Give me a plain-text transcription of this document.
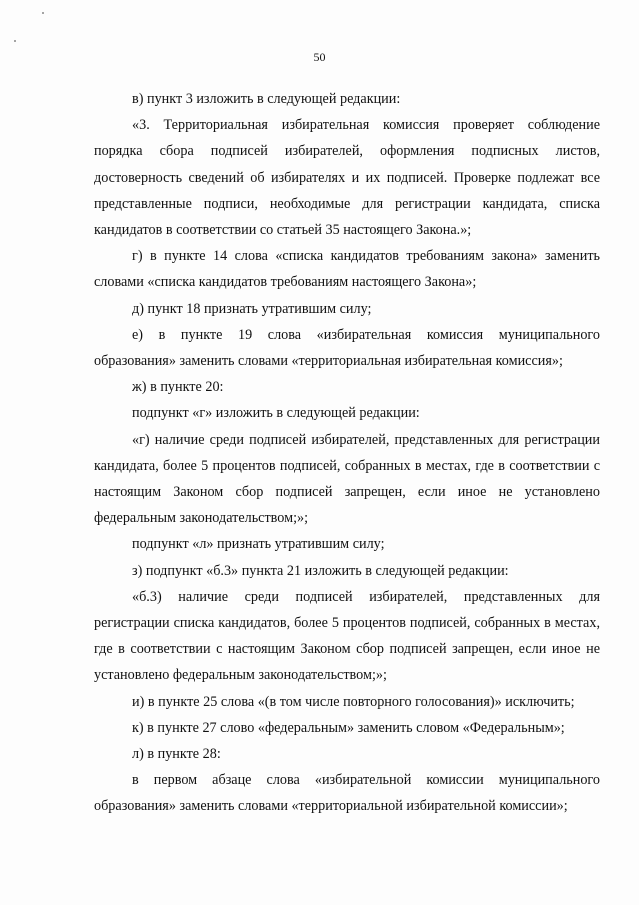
50

в) пункт 3 изложить в следующей редакции:

«3. Территориальная избирательная комиссия проверяет соблюдение порядка сбора подписей избирателей, оформления подписных листов, достоверность сведений об избирателях и их подписей. Проверке подлежат все представленные подписи, необходимые для регистрации кандидата, списка кандидатов в соответствии со статьей 35 настоящего Закона.»;

г) в пункте 14 слова «списка кандидатов требованиям закона» заменить словами «списка кандидатов требованиям настоящего Закона»;

д) пункт 18 признать утратившим силу;

е) в пункте 19 слова «избирательная комиссия муниципального образования» заменить словами «территориальная избирательная комиссия»;

ж) в пункте 20:

подпункт «г» изложить в следующей редакции:

«г) наличие среди подписей избирателей, представленных для регистрации кандидата, более 5 процентов подписей, собранных в местах, где в соответствии с настоящим Законом сбор подписей запрещен, если иное не установлено федеральным законодательством;»;

подпункт «л» признать утратившим силу;

з) подпункт «б.3» пункта 21 изложить в следующей редакции:

«б.3) наличие среди подписей избирателей, представленных для регистрации списка кандидатов, более 5 процентов подписей, собранных в местах, где в соответствии с настоящим Законом сбор подписей запрещен, если иное не установлено федеральным законодательством;»;

и) в пункте 25 слова «(в том числе повторного голосования)» исключить;

к) в пункте 27 слово «федеральным» заменить словом «Федеральным»;

л) в пункте 28:

в первом абзаце слова «избирательной комиссии муниципального образования» заменить словами «территориальной избирательной комиссии»;
